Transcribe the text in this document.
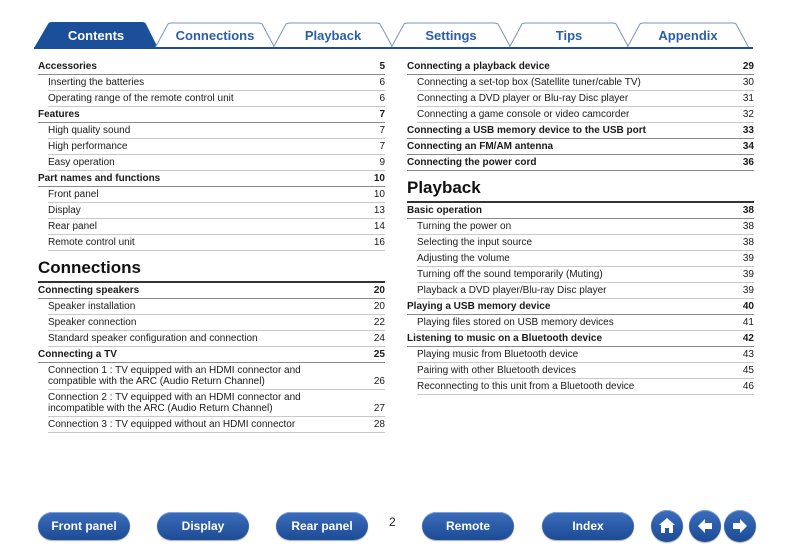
Contents	Connections	Playback	Settings	Tips	Appendix
Accessories	5
Inserting the batteries	6
Operating range of the remote control unit	6
Features	7
High quality sound	7
High performance	7
Easy operation	9
Part names and functions	10
Front panel	10
Display	13
Rear panel	14
Remote control unit	16
Connections
Connecting speakers	20
Speaker installation	20
Speaker connection	22
Standard speaker configuration and connection	24
Connecting a TV	25
Connection 1 : TV equipped with an HDMI connector and
compatible with the ARC (Audio Return Channel)	26
Connection 2 : TV equipped with an HDMI connector and
incompatible with the ARC (Audio Return Channel)	27
Connection 3 : TV equipped without an HDMI connector	28
Connecting a playback device	29
Connecting a set-top box (Satellite tuner/cable TV)	30
Connecting a DVD player or Blu-ray Disc player	31
Connecting a game console or video camcorder	32
Connecting a USB memory device to the USB port	33
Connecting an FM/AM antenna	34
Connecting the power cord	36
Playback
Basic operation	38
Turning the power on	38
Selecting the input source	38
Adjusting the volume	39
Turning off the sound temporarily (Muting)	39
Playback a DVD player/Blu-ray Disc player	39
Playing a USB memory device	40
Playing files stored on USB memory devices	41
Listening to music on a Bluetooth device	42
Playing music from Bluetooth device	43
Pairing with other Bluetooth devices	45
Reconnecting to this unit from a Bluetooth device	46
Front panel	Display	Rear panel	2	Remote	Index
